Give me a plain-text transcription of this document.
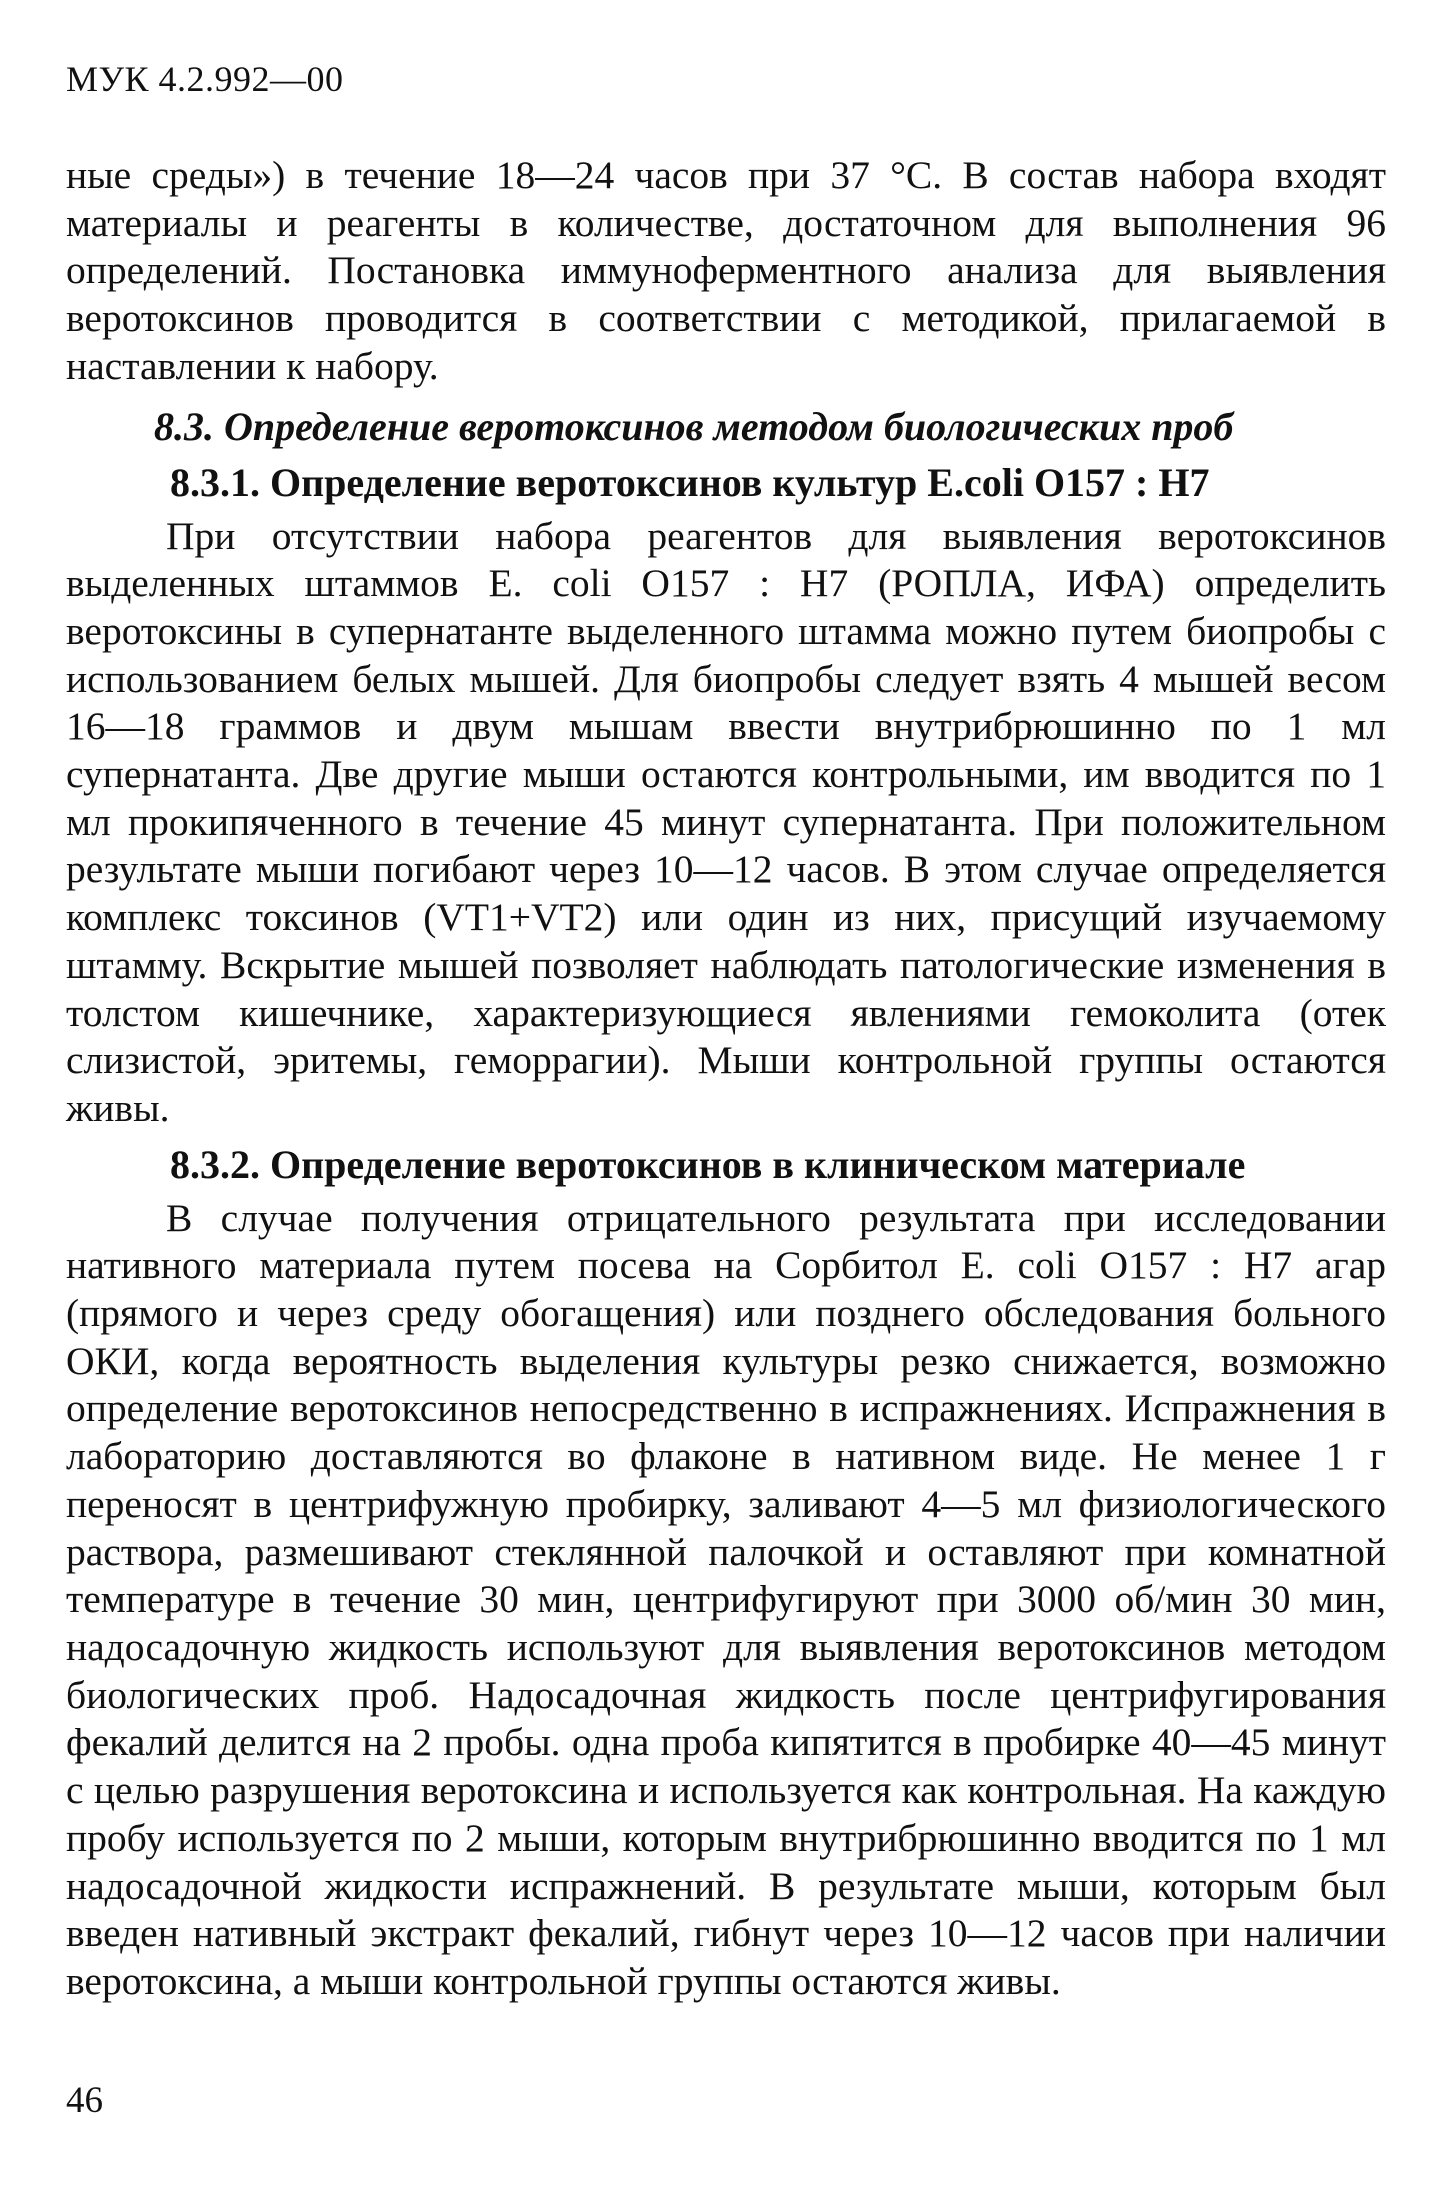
МУК 4.2.992—00

ные среды») в течение 18—24 часов при 37 °С. В состав набора входят материалы и реагенты в количестве, достаточном для выполнения 96 определений. Постановка иммуноферментного анализа для выявления веротоксинов проводится в соответствии с методикой, прилагаемой в наставлении к набору.

8.3. Определение веротоксинов методом биологических проб
8.3.1. Определение веротоксинов культур E.coli O157 : Н7

При отсутствии набора реагентов для выявления веротоксинов выделенных штаммов Е. coli O157 : Н7 (РОПЛА, ИФА) определить веротоксины в супернатанте выделенного штамма можно путем биопробы с использованием белых мышей. Для биопробы следует взять 4 мышей весом 16—18 граммов и двум мышам ввести внутрибрюшинно по 1 мл супернатанта. Две другие мыши остаются контрольными, им вводится по 1 мл прокипяченного в течение 45 минут супернатанта. При положительном результате мыши погибают через 10—12 часов. В этом случае определяется комплекс токсинов (VT1+VT2) или один из них, присущий изучаемому штамму. Вскрытие мышей позволяет наблюдать патологические изменения в толстом кишечнике, характеризующиеся явлениями гемоколита (отек слизистой, эритемы, геморрагии). Мыши контрольной группы остаются живы.

8.3.2. Определение веротоксинов в клиническом материале

В случае получения отрицательного результата при исследовании нативного материала путем посева на Сорбитол Е. coli O157 : Н7 агар (прямого и через среду обогащения) или позднего обследования больного ОКИ, когда вероятность выделения культуры резко снижается, возможно определение веротоксинов непосредственно в испражнениях. Испражнения в лабораторию доставляются во флаконе в нативном виде. Не менее 1 г переносят в центрифужную пробирку, заливают 4—5 мл физиологического раствора, размешивают стеклянной палочкой и оставляют при комнатной температуре в течение 30 мин, центрифугируют при 3000 об/мин 30 мин, надосадочную жидкость используют для выявления веротоксинов методом биологических проб. Надосадочная жидкость после центрифугирования фекалий делится на 2 пробы. одна проба кипятится в пробирке 40—45 минут с целью разрушения веротоксина и используется как контрольная. На каждую пробу используется по 2 мыши, которым внутрибрюшинно вводится по 1 мл надосадочной жидкости испражнений. В результате мыши, которым был введен нативный экстракт фекалий, гибнут через 10—12 часов при наличии веротоксина, а мыши контрольной группы остаются живы.

46
